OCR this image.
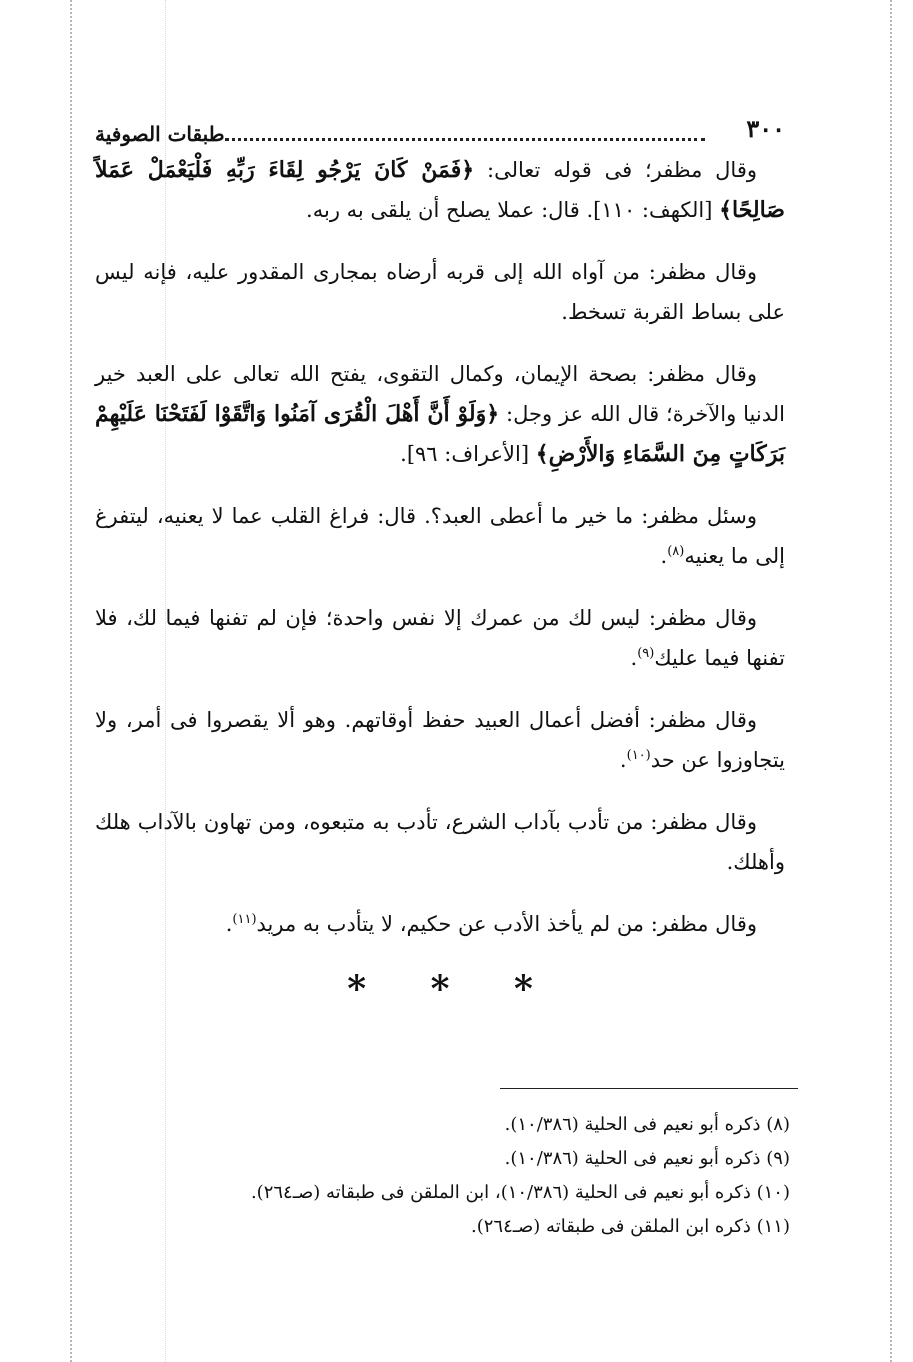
٣٠٠
طبقات الصوفية

وقال مظفر؛ فى قوله تعالى: ﴿فَمَنْ كَانَ يَرْجُو لِقَاءَ رَبِّهِ فَلْيَعْمَلْ عَمَلاً صَالِحًا﴾ [الكهف: ١١٠]. قال: عملا يصلح أن يلقى به ربه.

وقال مظفر: من آواه الله إلى قربه أرضاه بمجارى المقدور عليه، فإنه ليس على بساط القربة تسخط.

وقال مظفر: بصحة الإيمان، وكمال التقوى، يفتح الله تعالى على العبد خير الدنيا والآخرة؛ قال الله عز وجل: ﴿وَلَوْ أَنَّ أَهْلَ الْقُرَى آمَنُوا وَاتَّقَوْا لَفَتَحْنَا عَلَيْهِمْ بَرَكَاتٍ مِنَ السَّمَاءِ وَالأَرْضِ﴾ [الأعراف: ٩٦].

وسئل مظفر: ما خير ما أعطى العبد؟. قال: فراغ القلب عما لا يعنيه، ليتفرغ إلى ما يعنيه$^{(٨)}$.

وقال مظفر: ليس لك من عمرك إلا نفس واحدة؛ فإن لم تفنها فيما لك، فلا تفنها فيما عليك$^{(٩)}$.

وقال مظفر: أفضل أعمال العبيد حفظ أوقاتهم. وهو ألا يقصروا فى أمر، ولا يتجاوزوا عن حد$^{(١٠)}$.

وقال مظفر: من تأدب بآداب الشرع، تأدب به متبعوه، ومن تهاون بالآداب هلك وأهلك.

وقال مظفر: من لم يأخذ الأدب عن حكيم، لا يتأدب به مريد$^{(١١)}$.

* * *
(٨) ذكره أبو نعيم فى الحلية (١٠/٣٨٦).
(٩) ذكره أبو نعيم فى الحلية (١٠/٣٨٦).
(١٠) ذكره أبو نعيم فى الحلية (١٠/٣٨٦)، ابن الملقن فى طبقاته (صـ٢٦٤).
(١١) ذكره ابن الملقن فى طبقاته (صـ٢٦٤).
